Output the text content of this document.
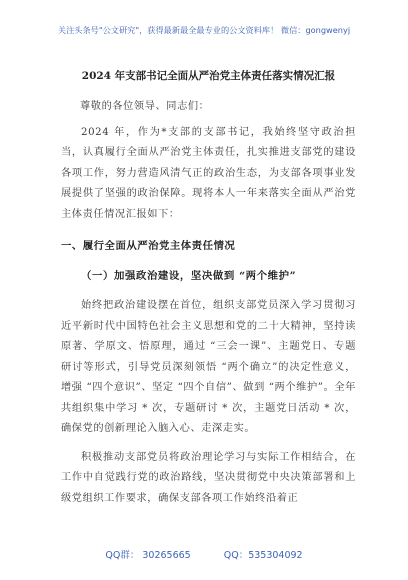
关注头条号"公文研究"，获得最新最全最专业的公文资料库！ 微信：gongwenyj

2024 年支部书记全面从严治党主体责任落实情况汇报

尊敬的各位领导、同志们：

2024 年，作为*支部的支部书记，我始终坚守政治担当，认真履行全面从严治党主体责任，扎实推进支部党的建设各项工作，努力营造风清气正的政治生态，为支部各项事业发展提供了坚强的政治保障。现将本人一年来落实全面从严治党主体责任情况汇报如下：

一、履行全面从严治党主体责任情况

（一）加强政治建设，坚决做到 “两个维护”

始终把政治建设摆在首位，组织支部党员深入学习贯彻习近平新时代中国特色社会主义思想和党的二十大精神，坚持读原著、学原文、悟原理，通过 “三会一课”、主题党日、专题研讨等形式，引导党员深刻领悟 “两个确立”的决定性意义，增强 “四个意识”、坚定 “四个自信”、做到 “两个维护”。全年共组织集中学习 * 次，专题研讨 * 次，主题党日活动 * 次，确保党的创新理论入脑入心、走深走实。

积极推动支部党员将政治理论学习与实际工作相结合，在工作中自觉践行党的政治路线，坚决贯彻党中央决策部署和上级党组织工作要求，确保支部各项工作始终沿着正

QQ群： 30265665	QQ：535304092
